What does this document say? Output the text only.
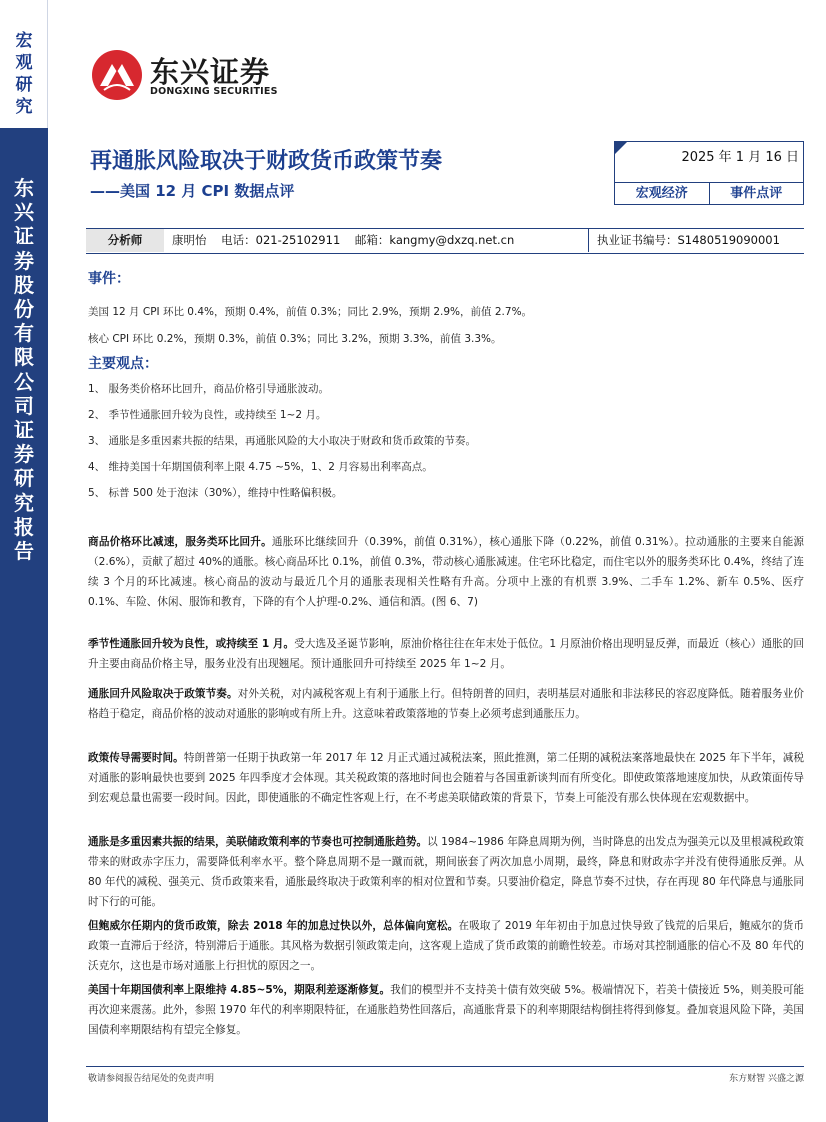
宏观研究
东兴证券股份有限公司证券研究报告
东兴证券
DONGXING SECURITIES
再通胀风险取决于财政货币政策节奏
——美国 12 月 CPI 数据点评
2025 年 1 月 16 日
宏观经济	事件点评
分析师	康明怡 电话：021-25102911 邮箱：kangmy@dxzq.net.cn	执业证书编号：S1480519090001
事件：
美国 12 月 CPI 环比 0.4%，预期 0.4%，前值 0.3%；同比 2.9%，预期 2.9%，前值 2.7%。
核心 CPI 环比 0.2%，预期 0.3%，前值 0.3%；同比 3.2%，预期 3.3%，前值 3.3%。
主要观点：
1、 服务类价格环比回升，商品价格引导通胀波动。
2、 季节性通胀回升较为良性，或持续至 1~2 月。
3、 通胀是多重因素共振的结果，再通胀风险的大小取决于财政和货币政策的节奏。
4、 维持美国十年期国债利率上限 4.75 ~5%，1、2 月容易出利率高点。
5、 标普 500 处于泡沫（30%），维持中性略偏积极。
商品价格环比减速，服务类环比回升。通胀环比继续回升（0.39%，前值 0.31%），核心通胀下降（0.22%，前值 0.31%）。拉动通胀的主要来自能源（2.6%），贡献了超过 40%的通胀。核心商品环比 0.1%，前值 0.3%，带动核心通胀减速。住宅环比稳定，而住宅以外的服务类环比 0.4%，终结了连续 3 个月的环比减速。核心商品的波动与最近几个月的通胀表现相关性略有升高。分项中上涨的有机票 3.9%、二手车 1.2%、新车 0.5%、医疗 0.1%、车险、休闲、服饰和教育，下降的有个人护理-0.2%、通信和酒。(图 6、7)
季节性通胀回升较为良性，或持续至 1 月。受大选及圣诞节影响，原油价格往往在年末处于低位。1 月原油价格出现明显反弹，而最近（核心）通胀的回升主要由商品价格主导，服务业没有出现翘尾。预计通胀回升可持续至 2025 年 1~2 月。
通胀回升风险取决于政策节奏。对外关税，对内减税客观上有利于通胀上行。但特朗普的回归，表明基层对通胀和非法移民的容忍度降低。随着服务业价格趋于稳定，商品价格的波动对通胀的影响或有所上升。这意味着政策落地的节奏上必须考虑到通胀压力。
政策传导需要时间。特朗普第一任期于执政第一年 2017 年 12 月正式通过减税法案，照此推测，第二任期的减税法案落地最快在 2025 年下半年，减税对通胀的影响最快也要到 2025 年四季度才会体现。其关税政策的落地时间也会随着与各国重新谈判而有所变化。即使政策落地速度加快，从政策面传导到宏观总量也需要一段时间。因此，即使通胀的不确定性客观上行，在不考虑美联储政策的背景下，节奏上可能没有那么快体现在宏观数据中。
通胀是多重因素共振的结果，美联储政策利率的节奏也可控制通胀趋势。以 1984~1986 年降息周期为例，当时降息的出发点为强美元以及里根减税政策带来的财政赤字压力，需要降低利率水平。整个降息周期不是一蹴而就，期间嵌套了两次加息小周期，最终，降息和财政赤字并没有使得通胀反弹。从 80 年代的减税、强美元、货币政策来看，通胀最终取决于政策利率的相对位置和节奏。只要油价稳定，降息节奏不过快，存在再现 80 年代降息与通胀同时下行的可能。
但鲍威尔任期内的货币政策，除去 2018 年的加息过快以外，总体偏向宽松。在吸取了 2019 年年初由于加息过快导致了钱荒的后果后，鲍威尔的货币政策一直滞后于经济，特别滞后于通胀。其风格为数据引领政策走向，这客观上造成了货币政策的前瞻性较差。市场对其控制通胀的信心不及 80 年代的沃克尔，这也是市场对通胀上行担忧的原因之一。
美国十年期国债利率上限维持 4.85~5%，期限利差逐渐修复。我们的模型并不支持美十债有效突破 5%。极端情况下，若美十债接近 5%，则美股可能再次迎来震荡。此外，参照 1970 年代的利率期限特征，在通胀趋势性回落后，高通胀背景下的利率期限结构倒挂将得到修复。叠加衰退风险下降，美国国债利率期限结构有望完全修复。
敬请参阅报告结尾处的免责声明	东方财智 兴盛之源
